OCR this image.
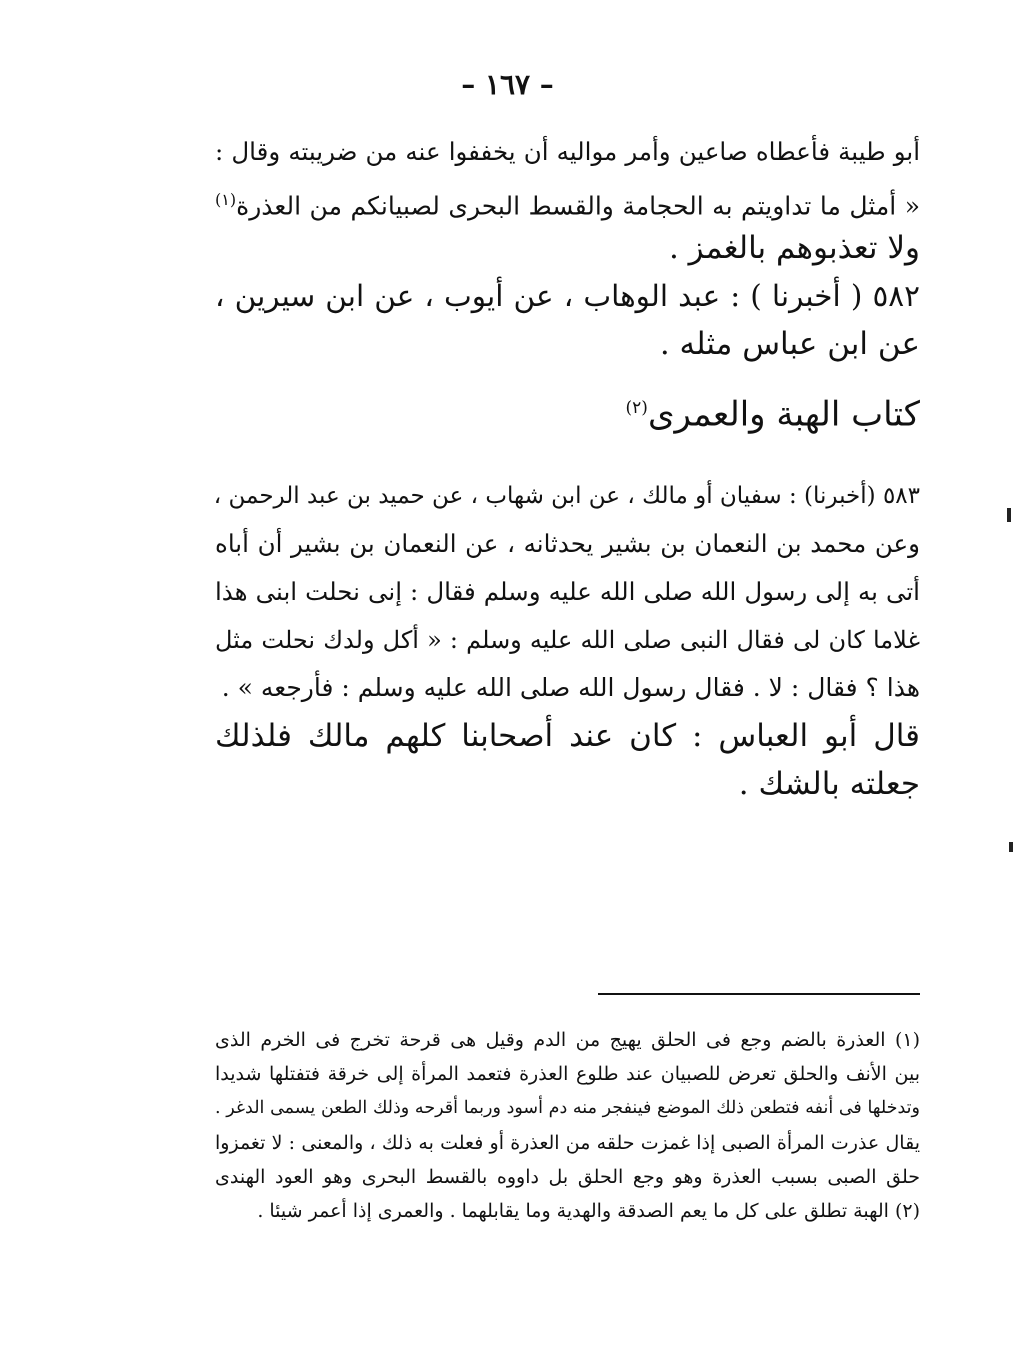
– ١٦٧ –
أبو طيبة فأعطاه صاعين وأمر مواليه أن يخففوا عنه من ضريبته وقال :
« أمثل ما تداويتم به الحجامة والقسط البحرى لصبيانكم من العذرة$^{(١)}$
ولا تعذبوهم بالغمز .
٥٨٢ ( أخبرنا ) : عبد الوهاب ، عن أيوب ، عن ابن سيرين ،
عن ابن عباس مثله .
كتاب الهبة والعمرى$^{(٢)}$
٥٨٣ (أخبرنا) : سفيان أو مالك ، عن ابن شهاب ، عن حميد بن عبد الرحمن ،
وعن محمد بن النعمان بن بشير يحدثانه ، عن النعمان بن بشير أن أباه
أتى به إلى رسول الله صلى الله عليه وسلم فقال : إنى نحلت ابنى هذا
غلاما كان لى فقال النبى صلى الله عليه وسلم : « أكل ولدك نحلت مثل
هذا ؟ فقال : لا . فقال رسول الله صلى الله عليه وسلم : فأرجعه » .
قال أبو العباس : كان عند أصحابنا كلهم مالك فلذلك
جعلته بالشك .
(١) العذرة بالضم وجع فى الحلق يهيج من الدم وقيل هى قرحة تخرج فى الخرم الذى
بين الأنف والحلق تعرض للصبيان عند طلوع العذرة فتعمد المرأة إلى خرقة فتفتلها شديدا
وتدخلها فى أنفه فتطعن ذلك الموضع فينفجر منه دم أسود وربما أقرحه وذلك الطعن يسمى الدغر .
يقال عذرت المرأة الصبى إذا غمزت حلقه من العذرة أو فعلت به ذلك ، والمعنى : لا تغمزوا
حلق الصبى بسبب العذرة وهو وجع الحلق بل داووه بالقسط البحرى وهو العود الهندى
(٢) الهبة تطلق على كل ما يعم الصدقة والهدية وما يقابلهما . والعمرى إذا أعمر شيئا .
